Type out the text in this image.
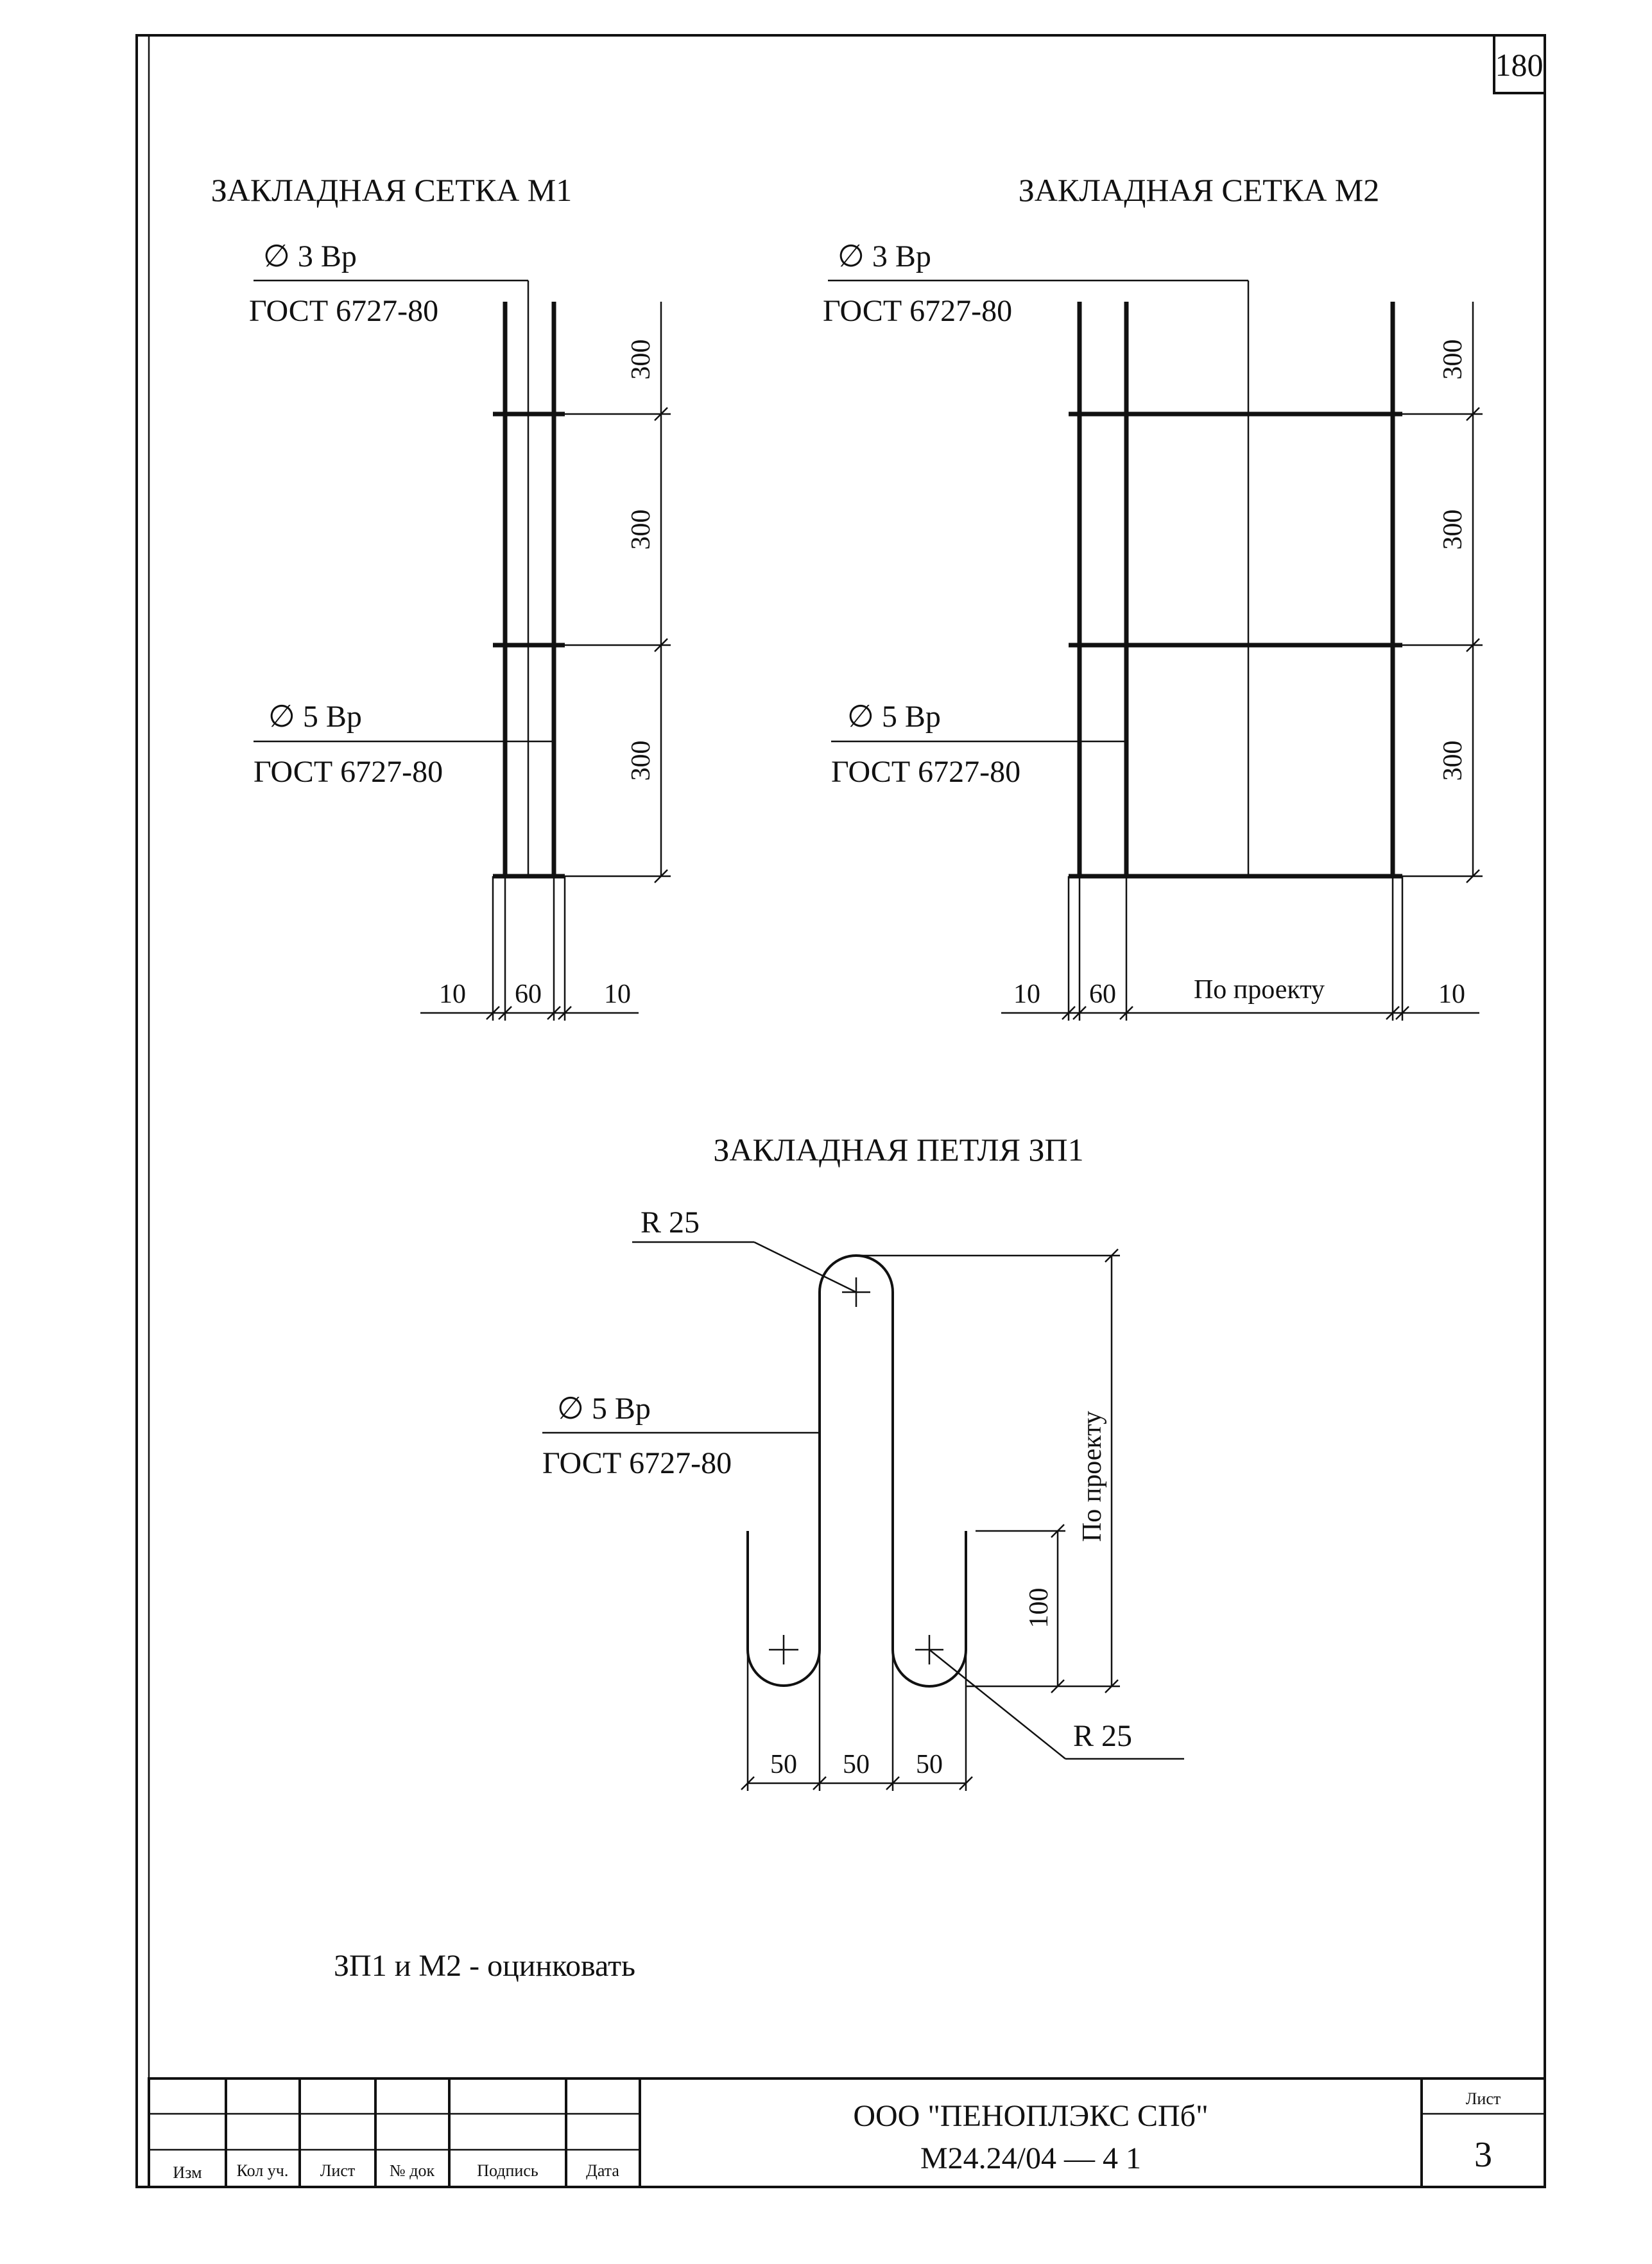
180
ЗАКЛАДНАЯ СЕТКА М1
∅ 3 Вр
ГОСТ 6727-80
∅ 5 Вр
ГОСТ 6727-80
300
300
300
10 60 10
ЗАКЛАДНАЯ СЕТКА М2
∅ 3 Вр
ГОСТ 6727-80
∅ 5 Вр
ГОСТ 6727-80
300
300
300
10 60	По проекту	10
ЗАКЛАДНАЯ ПЕТЛЯ ЗП1
R 25
∅ 5 Вр
ГОСТ 6727-80
R 25
По проекту
100
50 50 50
ЗП1 и М2 - оцинковать
Изм Кол уч. Лист № док	Подпись	Дата
ООО "ПЕНОПЛЭКС СПб"
М24.24/04 — 4 1
Лист
3
